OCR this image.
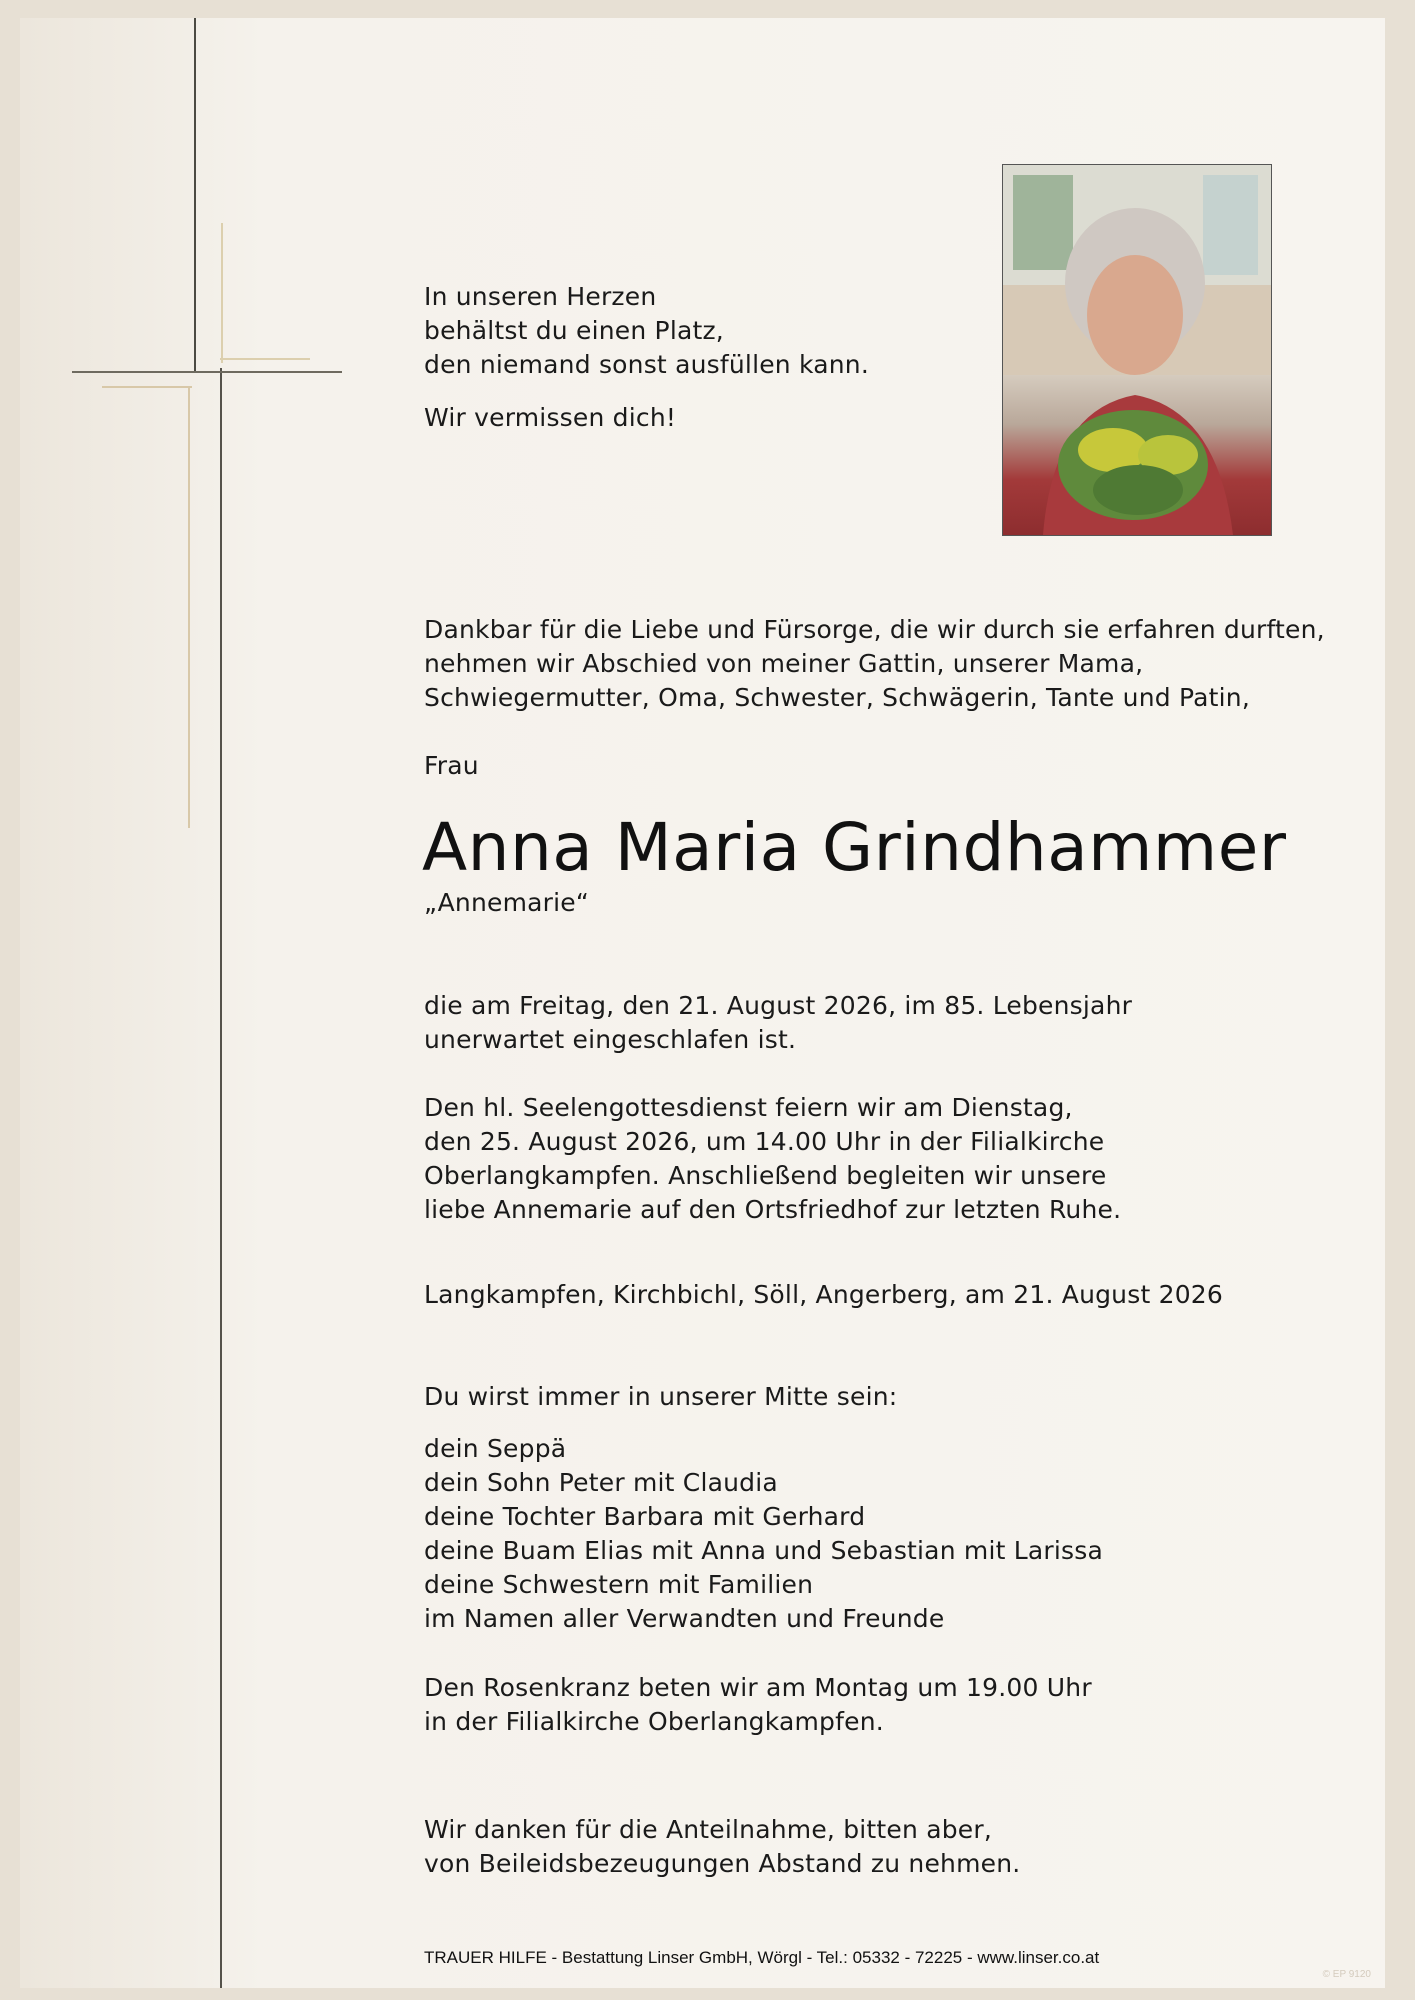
In unseren Herzen
behältst du einen Platz,
den niemand sonst ausfüllen kann.
Wir vermissen dich!
Dankbar für die Liebe und Fürsorge, die wir durch sie erfahren durften,
nehmen wir Abschied von meiner Gattin, unserer Mama,
Schwiegermutter, Oma, Schwester, Schwägerin, Tante und Patin,
Frau
Anna Maria Grindhammer
„Annemarie“
die am Freitag, den 21. August 2026, im 85. Lebensjahr
unerwartet eingeschlafen ist.
Den hl. Seelengottesdienst feiern wir am Dienstag,
den 25. August 2026, um 14.00 Uhr in der Filialkirche
Oberlangkampfen. Anschließend begleiten wir unsere
liebe Annemarie auf den Ortsfriedhof zur letzten Ruhe.
Langkampfen, Kirchbichl, Söll, Angerberg, am 21. August 2026
Du wirst immer in unserer Mitte sein:
dein Seppä
dein Sohn Peter mit Claudia
deine Tochter Barbara mit Gerhard
deine Buam Elias mit Anna und Sebastian mit Larissa
deine Schwestern mit Familien
im Namen aller Verwandten und Freunde
Den Rosenkranz beten wir am Montag um 19.00 Uhr
in der Filialkirche Oberlangkampfen.
Wir danken für die Anteilnahme, bitten aber,
von Beileidsbezeugungen Abstand zu nehmen.
TRAUER HILFE - Bestattung Linser GmbH, Wörgl - Tel.: 05332 - 72225 - www.linser.co.at
© EP 9120
